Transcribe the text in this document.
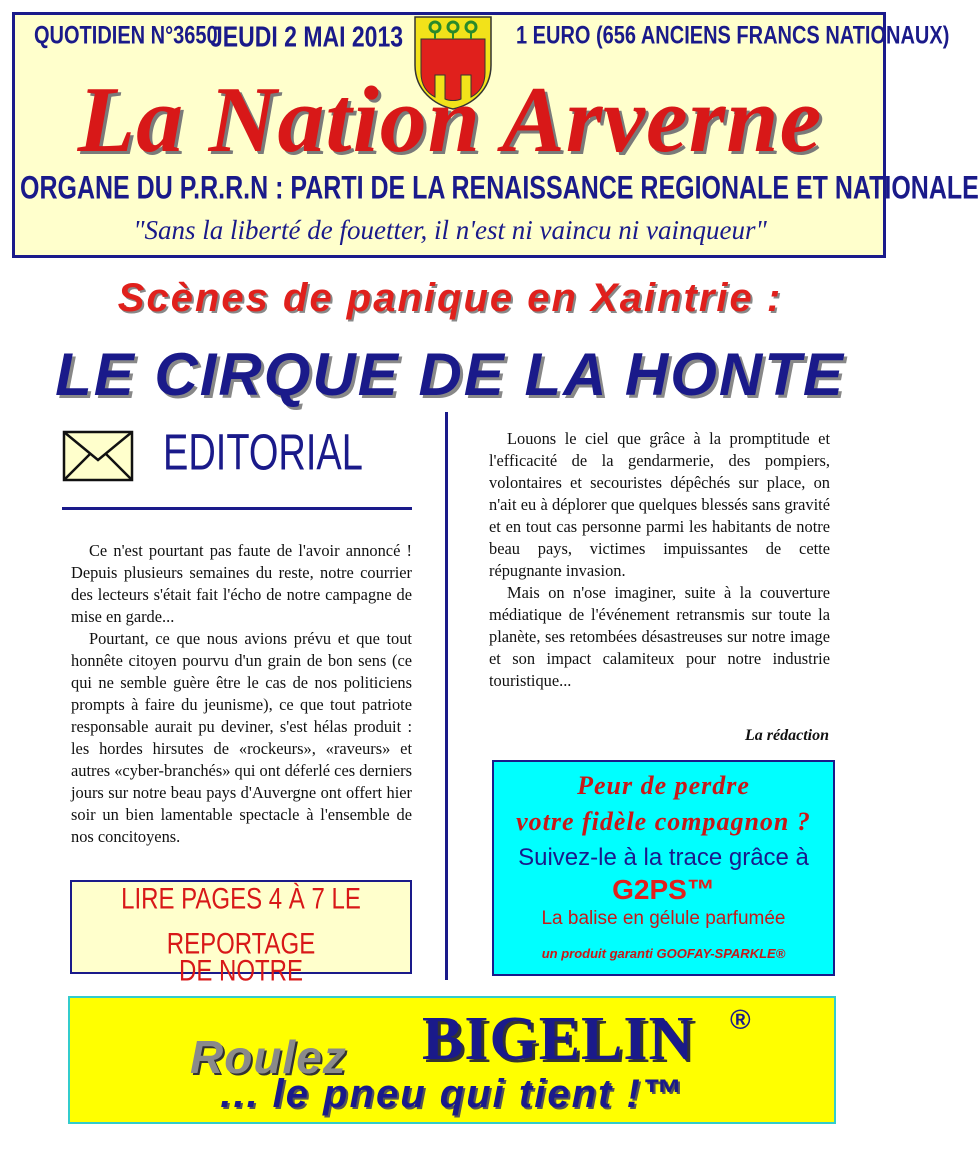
QUOTIDIEN N°3650
JEUDI 2 MAI 2013	1 EURO (656 ANCIENS FRANCS NATIONAUX)
La Nation Arverne
ORGANE DU P.R.R.N : PARTI DE LA RENAISSANCE REGIONALE ET NATIONALE
"Sans la liberté de fouetter, il n'est ni vaincu ni vainqueur"
Scènes de panique en Xaintrie :
LE CIRQUE DE LA HONTE
EDITORIAL

Ce n'est pourtant pas faute de l'avoir annoncé ! Depuis plusieurs semaines du reste, notre courrier des lecteurs s'était fait l'écho de notre campagne de mise en garde...

Pourtant, ce que nous avions prévu et que tout honnête citoyen pourvu d'un grain de bon sens (ce qui ne semble guère être le cas de nos politiciens prompts à faire du jeunisme), ce que tout patriote responsable aurait pu deviner, s'est hélas produit : les hordes hirsutes de «rockeurs», «raveurs» et autres «cyber-branchés» qui ont déferlé ces derniers jours sur notre beau pays d'Auvergne ont offert hier soir un bien lamentable spectacle à l'ensemble de nos concitoyens.

Louons le ciel que grâce à la promptitude et l'efficacité de la gendarmerie, des pompiers, volontaires et secouristes dépêchés sur place, on n'ait eu à déplorer que quelques blessés sans gravité et en tout cas personne parmi les habitants de notre beau pays, victimes impuissantes de cette répugnante invasion.

Mais on n'ose imaginer, suite à la couverture médiatique de l'événement retransmis sur toute la planète, ses retombées désastreuses sur notre image et son impact calamiteux pour notre industrie touristique...

La rédaction
LIRE PAGES 4 À 7 LE REPORTAGE
DE NOTRE
Peur de perdre
votre fidèle compagnon ?
Suivez-le à la trace grâce à
G2PS™
La balise en gélule parfumée
un produit garanti GOOFAY-SPARKLE®
Roulez BIGELIN ®
... le pneu qui tient !™
